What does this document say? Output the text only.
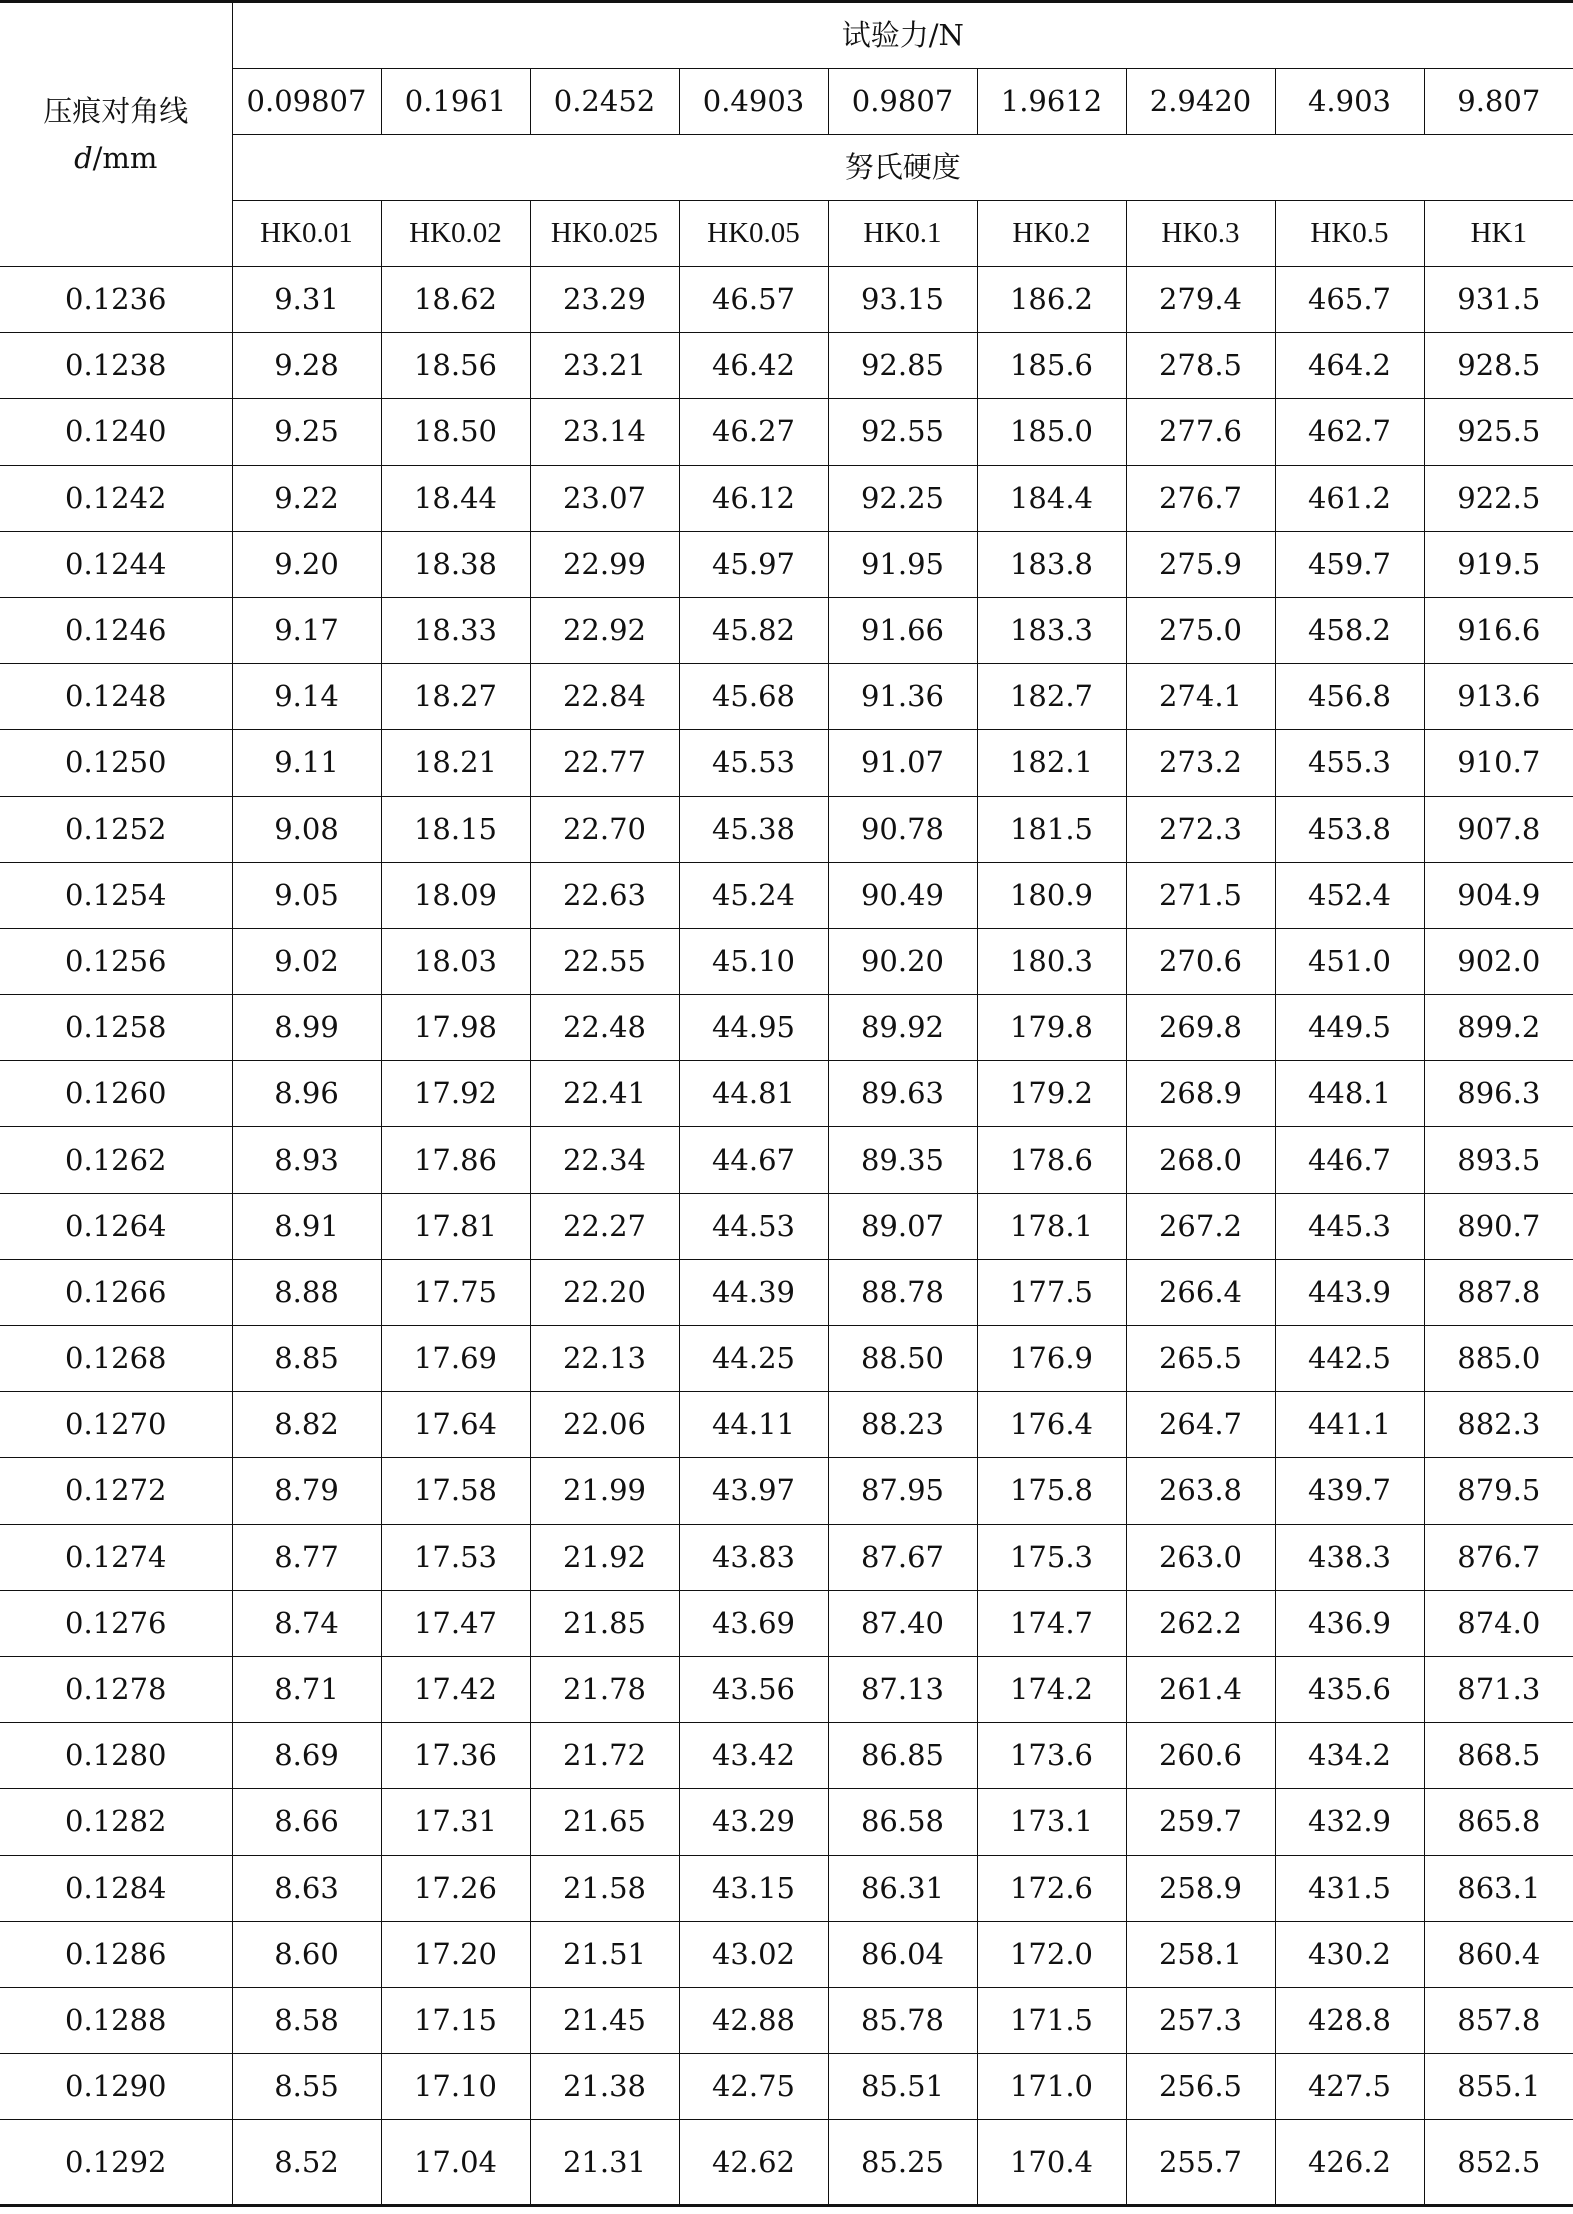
压痕对角线
d/mm	试验力/N								
	0.09807	0.1961	0.2452	0.4903	0.9807	1.9612	2.9420	4.903	9.807
	努氏硬度								
	HK0.01	HK0.02	HK0.025	HK0.05	HK0.1	HK0.2	HK0.3	HK0.5	HK1
0.1236	9.31	18.62	23.29	46.57	93.15	186.2	279.4	465.7	931.5
0.1238	9.28	18.56	23.21	46.42	92.85	185.6	278.5	464.2	928.5
0.1240	9.25	18.50	23.14	46.27	92.55	185.0	277.6	462.7	925.5
0.1242	9.22	18.44	23.07	46.12	92.25	184.4	276.7	461.2	922.5
0.1244	9.20	18.38	22.99	45.97	91.95	183.8	275.9	459.7	919.5
0.1246	9.17	18.33	22.92	45.82	91.66	183.3	275.0	458.2	916.6
0.1248	9.14	18.27	22.84	45.68	91.36	182.7	274.1	456.8	913.6
0.1250	9.11	18.21	22.77	45.53	91.07	182.1	273.2	455.3	910.7
0.1252	9.08	18.15	22.70	45.38	90.78	181.5	272.3	453.8	907.8
0.1254	9.05	18.09	22.63	45.24	90.49	180.9	271.5	452.4	904.9
0.1256	9.02	18.03	22.55	45.10	90.20	180.3	270.6	451.0	902.0
0.1258	8.99	17.98	22.48	44.95	89.92	179.8	269.8	449.5	899.2
0.1260	8.96	17.92	22.41	44.81	89.63	179.2	268.9	448.1	896.3
0.1262	8.93	17.86	22.34	44.67	89.35	178.6	268.0	446.7	893.5
0.1264	8.91	17.81	22.27	44.53	89.07	178.1	267.2	445.3	890.7
0.1266	8.88	17.75	22.20	44.39	88.78	177.5	266.4	443.9	887.8
0.1268	8.85	17.69	22.13	44.25	88.50	176.9	265.5	442.5	885.0
0.1270	8.82	17.64	22.06	44.11	88.23	176.4	264.7	441.1	882.3
0.1272	8.79	17.58	21.99	43.97	87.95	175.8	263.8	439.7	879.5
0.1274	8.77	17.53	21.92	43.83	87.67	175.3	263.0	438.3	876.7
0.1276	8.74	17.47	21.85	43.69	87.40	174.7	262.2	436.9	874.0
0.1278	8.71	17.42	21.78	43.56	87.13	174.2	261.4	435.6	871.3
0.1280	8.69	17.36	21.72	43.42	86.85	173.6	260.6	434.2	868.5
0.1282	8.66	17.31	21.65	43.29	86.58	173.1	259.7	432.9	865.8
0.1284	8.63	17.26	21.58	43.15	86.31	172.6	258.9	431.5	863.1
0.1286	8.60	17.20	21.51	43.02	86.04	172.0	258.1	430.2	860.4
0.1288	8.58	17.15	21.45	42.88	85.78	171.5	257.3	428.8	857.8
0.1290	8.55	17.10	21.38	42.75	85.51	171.0	256.5	427.5	855.1
0.1292	8.52	17.04	21.31	42.62	85.25	170.4	255.7	426.2	852.5
